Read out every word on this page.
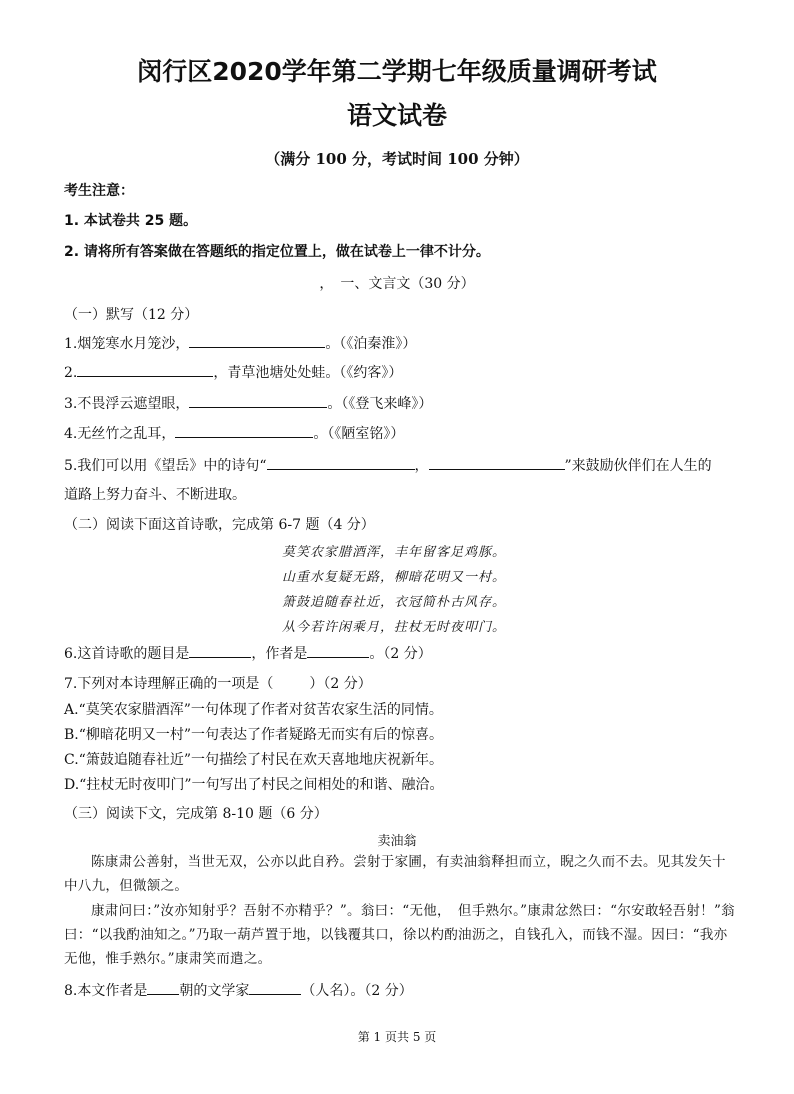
闵行区2020学年第二学期七年级质量调研考试
语文试卷
（满分 100 分，考试时间 100 分钟）
考生注意：
1. 本试卷共 25 题。
2. 请将所有答案做在答题纸的指定位置上，做在试卷上一律不计分。
，　一、文言文（30 分）
（一）默写（12 分）
1.烟笼寒水月笼沙，	。（《泊秦淮》）
2.	，青草池塘处处蛙。（《约客》）
3.不畏浮云遮望眼，	。（《登飞来峰》）
4.无丝竹之乱耳，	。（《陋室铭》）
5.我们可以用《望岳》中的诗句“	，	”来鼓励伙伴们在人生的
道路上努力奋斗、不断进取。
（二）阅读下面这首诗歌，完成第 6-7 题（4 分）
莫笑农家腊酒浑，丰年留客足鸡豚。
山重水复疑无路，柳暗花明又一村。
箫鼓追随春社近，衣冠简朴古风存。
从今若许闲乘月，拄杖无时夜叩门。
6.这首诗歌的题目是	，作者是	。（2 分）
7.下列对本诗理解正确的一项是（	）（2 分）
A.“莫笑农家腊酒浑”一句体现了作者对贫苦农家生活的同情。
B.“柳暗花明又一村”一句表达了作者疑路无而实有后的惊喜。
C.“箫鼓追随春社近”一句描绘了村民在欢天喜地地庆祝新年。
D.“拄杖无时夜叩门”一句写出了村民之间相处的和谐、融洽。
（三）阅读下文，完成第 8-10 题（6 分）
卖油翁
陈康肃公善射，当世无双，公亦以此自矜。尝射于家圃，有卖油翁释担而立，睨之久而不去。见其发矢十中八九，但微颔之。
康肃问曰：”汝亦知射乎？吾射不亦精乎？”。翁曰：“无他，　但手熟尔。”康肃忿然曰：“尔安敢轻吾射！”翁曰：“以我酌油知之。”乃取一葫芦置于地，以钱覆其口，徐以杓酌油沥之，自钱孔入，而钱不湿。因曰：“我亦无他，惟手熟尔。”康肃笑而遣之。
8.本文作者是 朝的文学家	（人名）。（2 分）
第 1 页共 5 页
